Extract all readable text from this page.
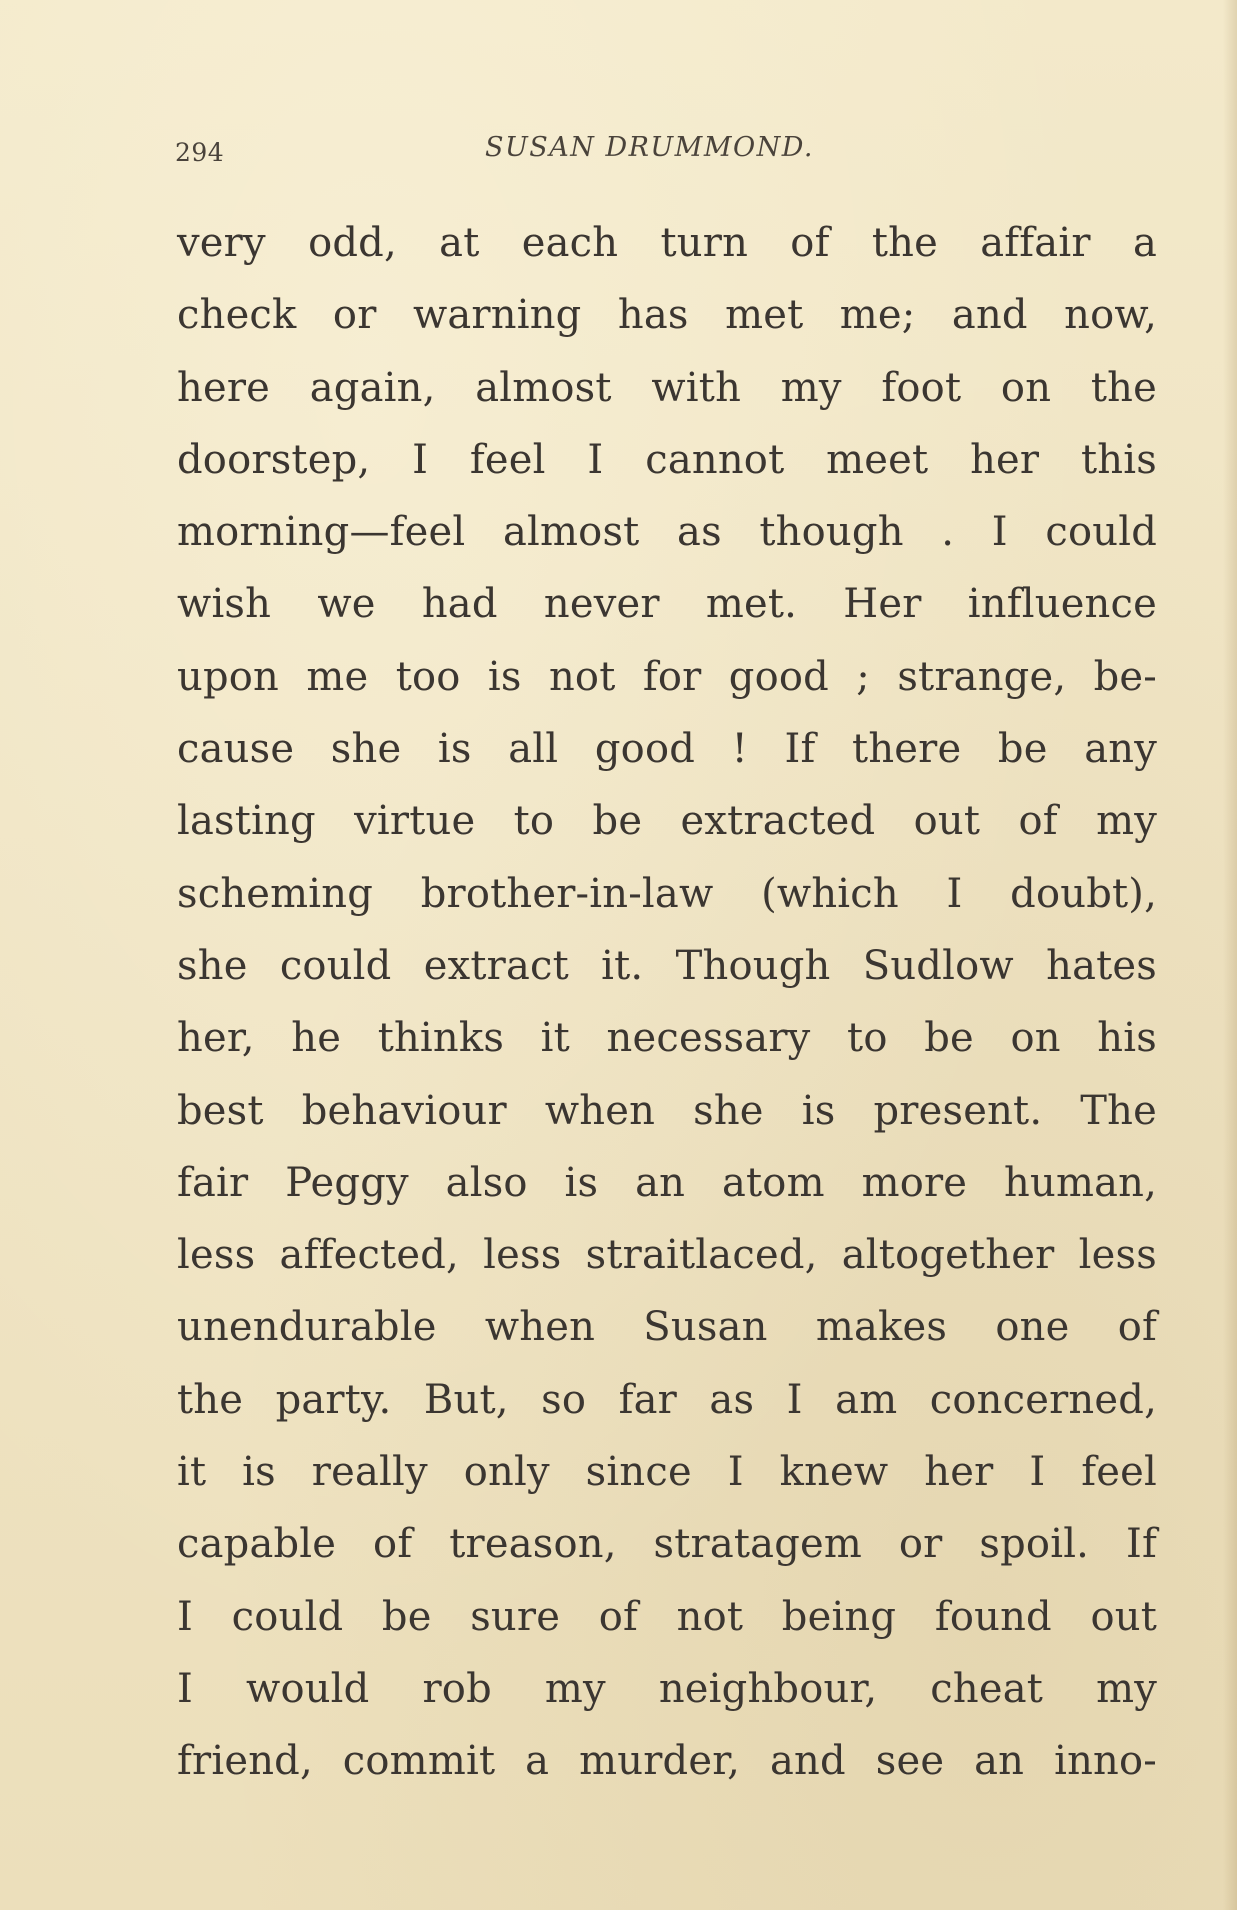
294	SUSAN DRUMMOND.
very odd, at each turn of the affair a
check or warning has met me; and now,
here again, almost with my foot on the
doorstep, I feel I cannot meet her this
morning—feel almost as though . I could
wish we had never met. Her influence
upon me too is not for good ; strange, be-
cause she is all good ! If there be any
lasting virtue to be extracted out of my
scheming brother-in-law (which I doubt),
she could extract it. Though Sudlow hates
her, he thinks it necessary to be on his
best behaviour when she is present. The
fair Peggy also is an atom more human,
less affected, less straitlaced, altogether less
unendurable when Susan makes one of
the party. But, so far as I am concerned,
it is really only since I knew her I feel
capable of treason, stratagem or spoil. If
I could be sure of not being found out
I would rob my neighbour, cheat my
friend, commit a murder, and see an inno-
